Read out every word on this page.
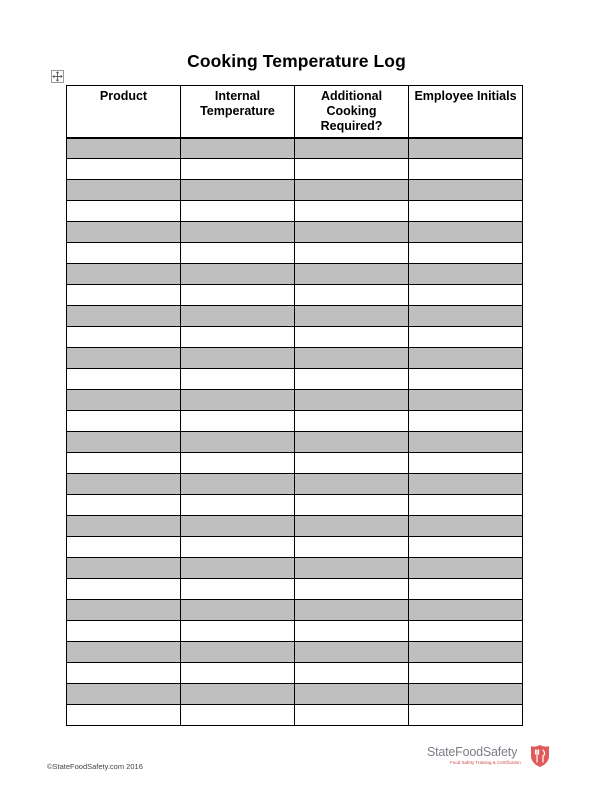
Cooking Temperature Log
Product	Internal Temperature	Additional Cooking Required?	Employee Initials

©StateFoodSafety.com 2016
StateFoodSafety
Food Safety Training & Certification
